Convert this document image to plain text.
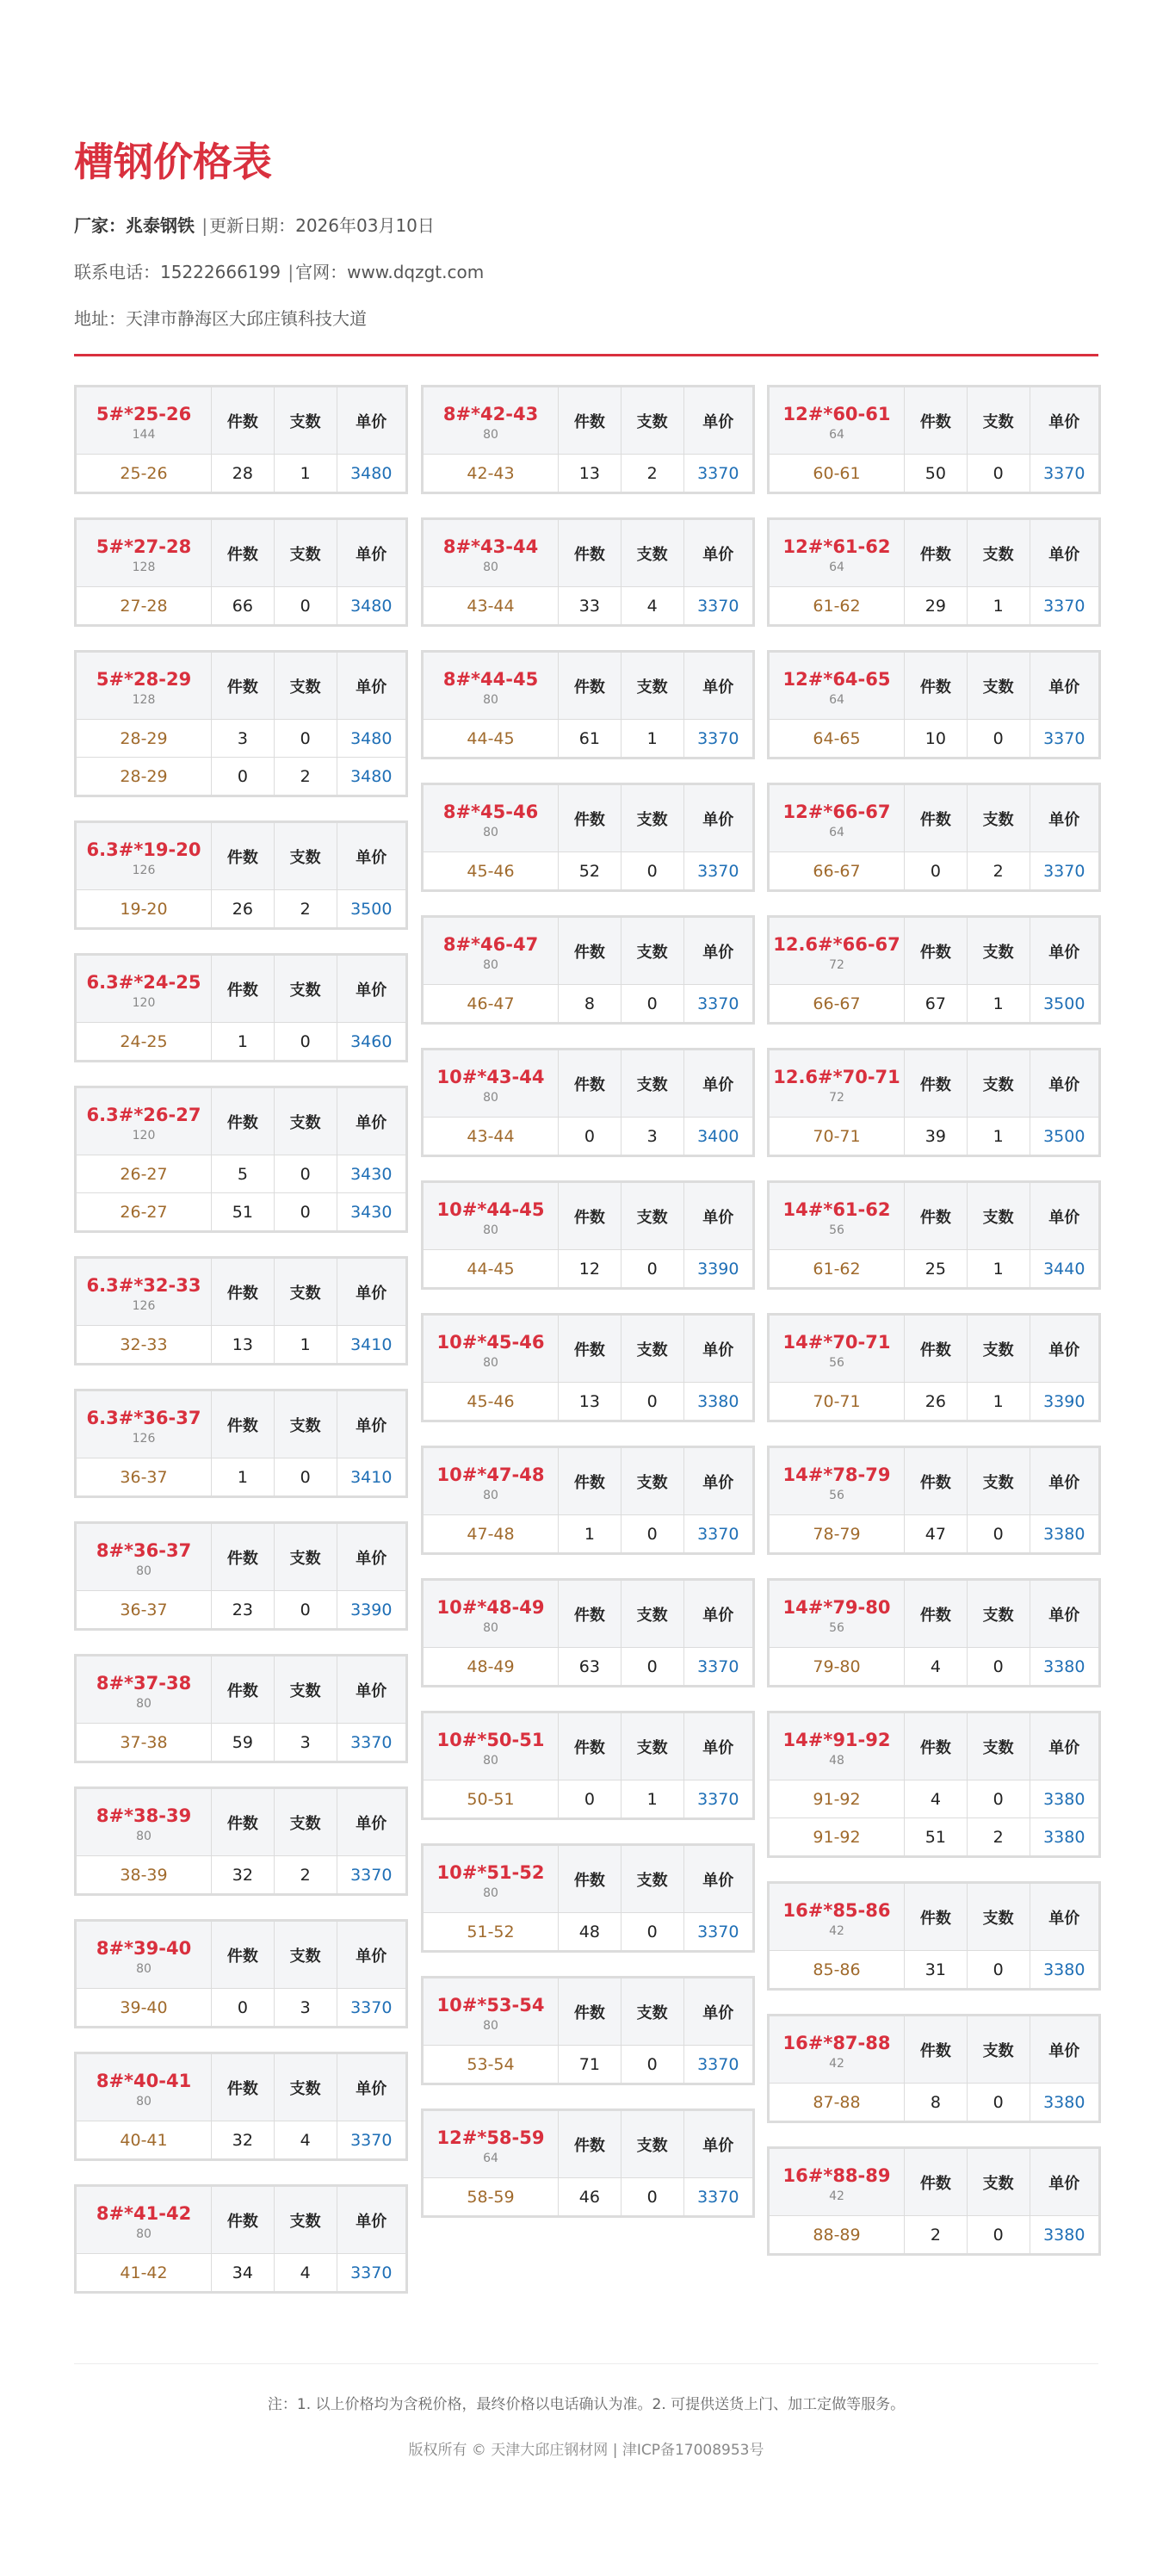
槽钢价格表
厂家：兆泰钢铁 | 更新日期：2026年03月10日
联系电话：15222666199 | 官网：www.dqzgt.com
地址：天津市静海区大邱庄镇科技大道
5#*25-26
144	件数	支数	单价
25-26	28	1	3480
5#*27-28
128	件数	支数	单价
27-28	66	0	3480
5#*28-29
128	件数	支数	单价
28-29	3	0	3480
28-29	0	2	3480
6.3#*19-20
126	件数	支数	单价
19-20	26	2	3500
6.3#*24-25
120	件数	支数	单价
24-25	1	0	3460
6.3#*26-27
120	件数	支数	单价
26-27	5	0	3430
26-27	51	0	3430
6.3#*32-33
126	件数	支数	单价
32-33	13	1	3410
6.3#*36-37
126	件数	支数	单价
36-37	1	0	3410
8#*36-37
80	件数	支数	单价
36-37	23	0	3390
8#*37-38
80	件数	支数	单价
37-38	59	3	3370
8#*38-39
80	件数	支数	单价
38-39	32	2	3370
8#*39-40
80	件数	支数	单价
39-40	0	3	3370
8#*40-41
80	件数	支数	单价
40-41	32	4	3370
8#*41-42
80	件数	支数	单价
41-42	34	4	3370
8#*42-43
80	件数	支数	单价
42-43	13	2	3370
8#*43-44
80	件数	支数	单价
43-44	33	4	3370
8#*44-45
80	件数	支数	单价
44-45	61	1	3370
8#*45-46
80	件数	支数	单价
45-46	52	0	3370
8#*46-47
80	件数	支数	单价
46-47	8	0	3370
10#*43-44
80	件数	支数	单价
43-44	0	3	3400
10#*44-45
80	件数	支数	单价
44-45	12	0	3390
10#*45-46
80	件数	支数	单价
45-46	13	0	3380
10#*47-48
80	件数	支数	单价
47-48	1	0	3370
10#*48-49
80	件数	支数	单价
48-49	63	0	3370
10#*50-51
80	件数	支数	单价
50-51	0	1	3370
10#*51-52
80	件数	支数	单价
51-52	48	0	3370
10#*53-54
80	件数	支数	单价
53-54	71	0	3370
12#*58-59
64	件数	支数	单价
58-59	46	0	3370
12#*60-61
64	件数	支数	单价
60-61	50	0	3370
12#*61-62
64	件数	支数	单价
61-62	29	1	3370
12#*64-65
64	件数	支数	单价
64-65	10	0	3370
12#*66-67
64	件数	支数	单价
66-67	0	2	3370
12.6#*66-67
72	件数	支数	单价
66-67	67	1	3500
12.6#*70-71
72	件数	支数	单价
70-71	39	1	3500
14#*61-62
56	件数	支数	单价
61-62	25	1	3440
14#*70-71
56	件数	支数	单价
70-71	26	1	3390
14#*78-79
56	件数	支数	单价
78-79	47	0	3380
14#*79-80
56	件数	支数	单价
79-80	4	0	3380
14#*91-92
48	件数	支数	单价
91-92	4	0	3380
91-92	51	2	3380
16#*85-86
42	件数	支数	单价
85-86	31	0	3380
16#*87-88
42	件数	支数	单价
87-88	8	0	3380
16#*88-89
42	件数	支数	单价
88-89	2	0	3380
注：1. 以上价格均为含税价格，最终价格以电话确认为准。2. 可提供送货上门、加工定做等服务。
版权所有 © 天津大邱庄钢材网 | 津ICP备17008953号
